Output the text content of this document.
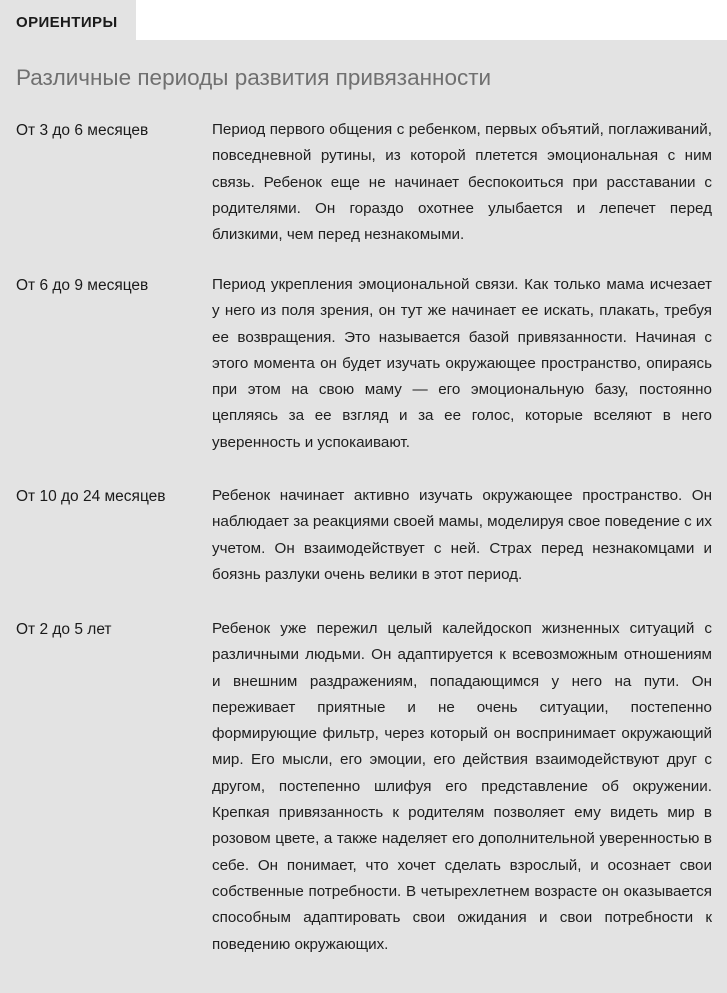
ОРИЕНТИРЫ
Различные периоды развития привязанности
От 3 до 6 месяцев	Период первого общения с ребенком, первых объятий, поглаживаний, повседневной рутины, из которой плетется эмоциональная с ним связь. Ребенок еще не начинает беспокоиться при расставании с родителями. Он гораздо охотнее улыбается и лепечет перед близкими, чем перед незнакомыми.

От 6 до 9 месяцев	Период укрепления эмоциональной связи. Как только мама исчезает у него из поля зрения, он тут же начинает ее искать, плакать, требуя ее возвращения. Это называется базой привязанности. Начиная с этого момента он будет изучать окружающее пространство, опираясь при этом на свою маму — его эмоциональную базу, постоянно цепляясь за ее взгляд и за ее голос, которые вселяют в него уверенность и успокаивают.

От 10 до 24 месяцев	Ребенок начинает активно изучать окружающее пространство. Он наблюдает за реакциями своей мамы, моделируя свое поведение с их учетом. Он взаимодействует с ней. Страх перед незнакомцами и боязнь разлуки очень велики в этот период.

От 2 до 5 лет	Ребенок уже пережил целый калейдоскоп жизненных ситуаций с различными людьми. Он адаптируется к всевозможным отношениям и внешним раздражениям, попадающимся у него на пути. Он переживает приятные и не очень ситуации, постепенно формирующие фильтр, через который он воспринимает окружающий мир. Его мысли, его эмоции, его действия взаимодействуют друг с другом, постепенно шлифуя его представление об окружении. Крепкая привязанность к родителям позволяет ему видеть мир в розовом цвете, а также наделяет его дополнительной уверенностью в себе. Он понимает, что хочет сделать взрослый, и осознает свои собственные потребности. В четырехлетнем возрасте он оказывается способным адаптировать свои ожидания и свои потребности к поведению окружающих.
